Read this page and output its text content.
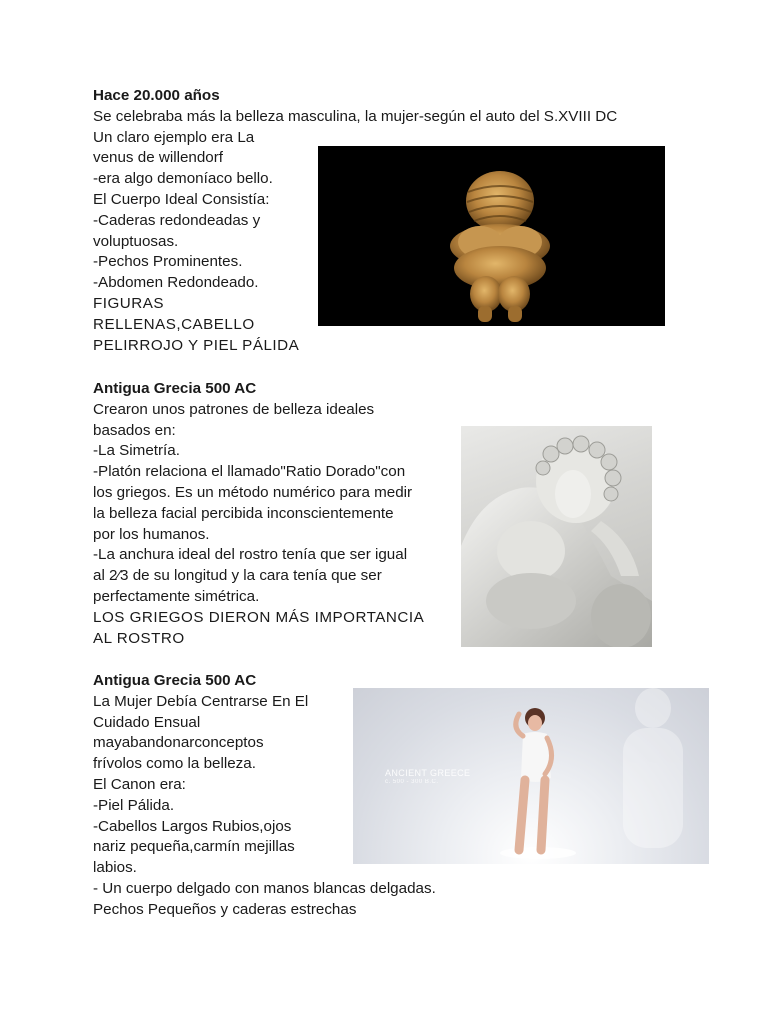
Hace 20.000 años
Se celebraba más la belleza masculina, la mujer-según el auto del S.XVIII DC
Un claro ejemplo era La
venus de willendorf
-era algo demoníaco bello.
El Cuerpo Ideal Consistía:
-Caderas redondeadas y
voluptuosas.
-Pechos Prominentes.
-Abdomen Redondeado.
FIGURAS
RELLENAS,CABELLO
PELIRROJO Y PIEL PÁLIDA
Antigua Grecia 500 AC
Crearon unos patrones de belleza ideales
basados en:
-La Simetría.
-Platón relaciona el llamado"Ratio Dorado"con
los griegos. Es un método numérico para medir
la belleza facial percibida inconscientemente
por los humanos.
-La anchura ideal del rostro tenía que ser igual
al 2⁄3 de su longitud y la cara tenía que ser
perfectamente simétrica.
LOS GRIEGOS DIERON MÁS IMPORTANCIA
AL ROSTRO
Antigua Grecia 500 AC
La Mujer Debía Centrarse En El
Cuidado Ensual
mayabandonarconceptos
frívolos como la belleza.
El Canon era:
-Piel Pálida.
-Cabellos Largos Rubios,ojos
nariz pequeña,carmín mejillas
labios.
- Un cuerpo delgado con manos blancas delgadas.
Pechos Pequeños y caderas estrechas
ANCIENT GREECE
c. 500 - 300 B.C.
